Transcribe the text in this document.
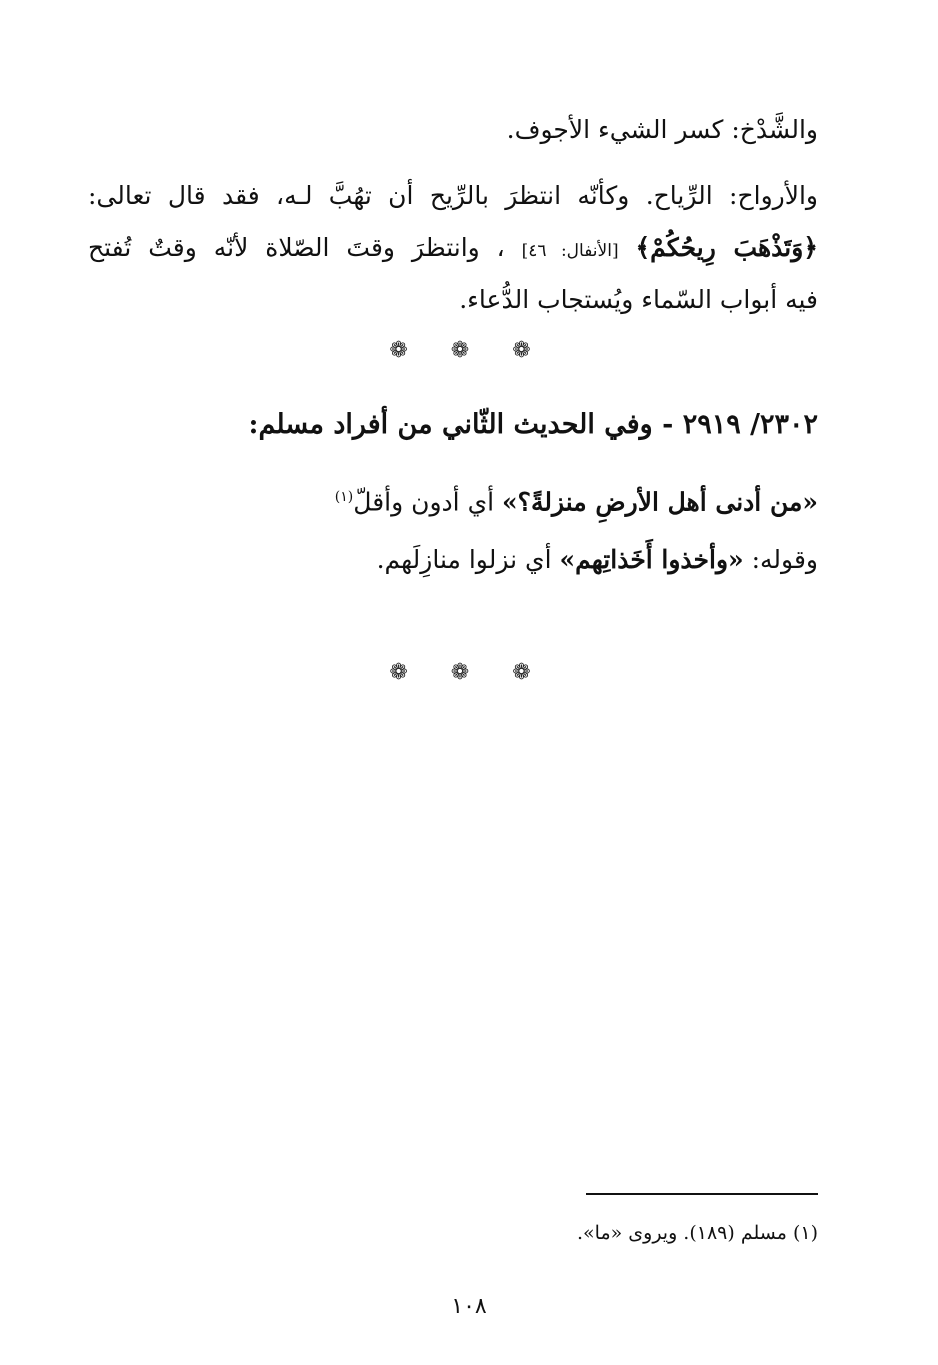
والشَّدْخ: كسر الشيء الأجوف.
والأرواح: الرِّياح. وكأنّه انتظرَ بالرِّيح أن تهُبَّ لـه، فقد قال تعالى:
﴿وَتَذْهَبَ رِيحُكُمْ﴾ [الأنفال: ٤٦] ، وانتظرَ وقتَ الصّلاة لأنّه وقتٌ تُفتح
فيه أبواب السّماء ويُستجاب الدُّعاء.
❁ ❁ ❁
٢٣٠٢/ ٢٩١٩ - وفي الحديث الثّاني من أفراد مسلم:
«من أدنى أهل الأرضِ منزلةً؟» أي أدون وأقلّ$^{(١)}$
وقوله: «وأخذوا أَخَذاتِهم» أي نزلوا منازِلَهم.
❁ ❁ ❁
(١) مسلم (١٨٩). ويروى «ما».
١٠٨
